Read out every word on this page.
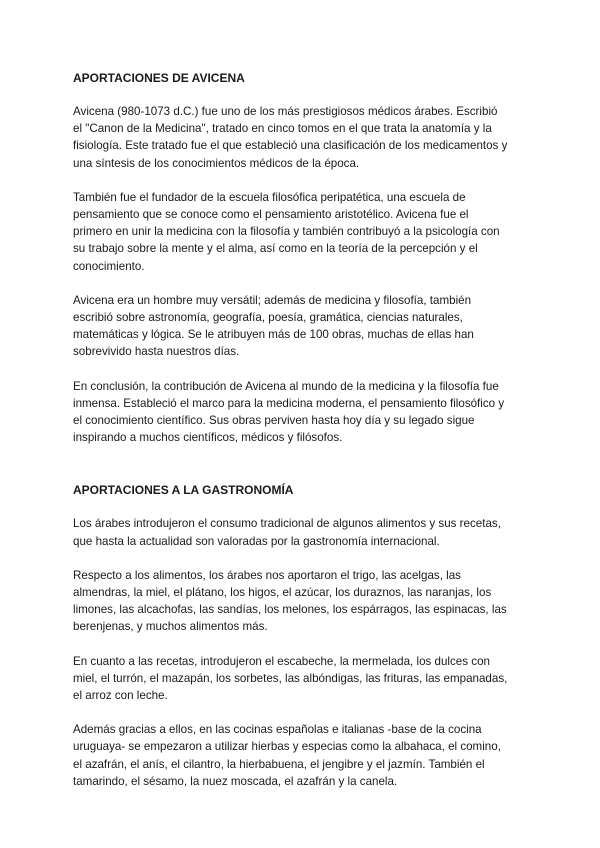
APORTACIONES DE AVICENA

Avicena (980-1073 d.C.) fue uno de los más prestigiosos médicos árabes. Escribió
el "Canon de la Medicina", tratado en cinco tomos en el que trata la anatomía y la
fisiología. Este tratado fue el que estableció una clasificación de los medicamentos y
una síntesis de los conocimientos médicos de la época.

También fue el fundador de la escuela filosófica peripatética, una escuela de
pensamiento que se conoce como el pensamiento aristotélico. Avicena fue el
primero en unir la medicina con la filosofía y también contribuyó a la psicología con
su trabajo sobre la mente y el alma, así como en la teoría de la percepción y el
conocimiento.

Avicena era un hombre muy versátil; además de medicina y filosofía, también
escribió sobre astronomía, geografía, poesía, gramática, ciencias naturales,
matemáticas y lógica. Se le atribuyen más de 100 obras, muchas de ellas han
sobrevivido hasta nuestros días.

En conclusión, la contribución de Avicena al mundo de la medicina y la filosofía fue
inmensa. Estableció el marco para la medicina moderna, el pensamiento filosófico y
el conocimiento científico. Sus obras perviven hasta hoy día y su legado sigue
inspirando a muchos científicos, médicos y filósofos.

APORTACIONES A LA GASTRONOMÍA

Los árabes introdujeron el consumo tradicional de algunos alimentos y sus recetas,
que hasta la actualidad son valoradas por la gastronomía internacional.

Respecto a los alimentos, los árabes nos aportaron el trigo, las acelgas, las
almendras, la miel, el plátano, los higos, el azúcar, los duraznos, las naranjas, los
limones, las alcachofas, las sandías, los melones, los espárragos, las espinacas, las
berenjenas, y muchos alimentos más.

En cuanto a las recetas, introdujeron el escabeche, la mermelada, los dulces con
miel, el turrón, el mazapán, los sorbetes, las albóndigas, las frituras, las empanadas,
el arroz con leche.

Además gracias a ellos, en las cocinas españolas e italianas -base de la cocina
uruguaya- se empezaron a utilizar hierbas y especias como la albahaca, el comino,
el azafrán, el anís, el cilantro, la hierbabuena, el jengibre y el jazmín. También el
tamarindo, el sésamo, la nuez moscada, el azafrán y la canela.
